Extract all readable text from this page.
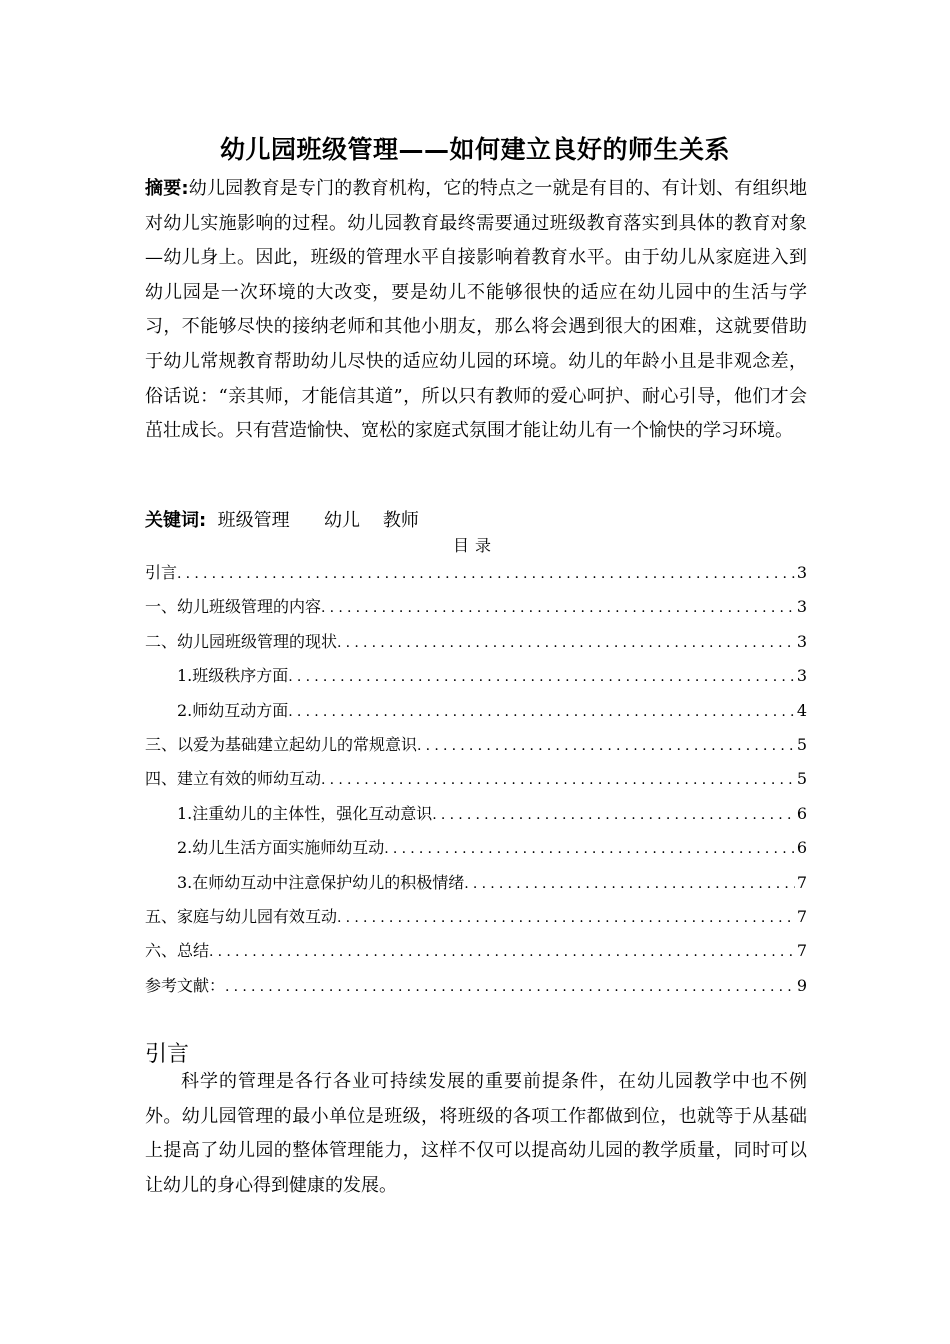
幼儿园班级管理——如何建立良好的师生关系
摘要:幼儿园教育是专门的教育机构，它的特点之一就是有目的、有计划、有组织地对幼儿实施影响的过程。幼儿园教育最终需要通过班级教育落实到具体的教育对象—幼儿身上。因此，班级的管理水平自接影响着教育水平。由于幼儿从家庭进入到幼儿园是一次环境的大改变，要是幼儿不能够很快的适应在幼儿园中的生活与学习，不能够尽快的接纳老师和其他小朋友，那么将会遇到很大的困难，这就要借助于幼儿常规教育帮助幼儿尽快的适应幼儿园的环境。幼儿的年龄小且是非观念差，俗话说：“亲其师，才能信其道”，所以只有教师的爱心呵护、耐心引导，他们才会茁壮成长。只有营造愉快、宽松的家庭式氛围才能让幼儿有一个愉快的学习环境。
关键词:  班级管理      幼儿    教师
目录
引言 .....	3
一、幼儿班级管理的内容 .....	3
二、幼儿园班级管理的现状 .....	3
1.班级秩序方面 .....	3
2.师幼互动方面 .....	4
三、以爱为基础建立起幼儿的常规意识 .....	5
四、建立有效的师幼互动 .....	5
1.注重幼儿的主体性，强化互动意识 .....	6
2.幼儿生活方面实施师幼互动 .....	6
3.在师幼互动中注意保护幼儿的积极情绪 .....	7
五、家庭与幼儿园有效互动 .....	7
六、总结 .....	7
参考文献： .....	9
引言
科学的管理是各行各业可持续发展的重要前提条件，在幼儿园教学中也不例外。幼儿园管理的最小单位是班级，将班级的各项工作都做到位，也就等于从基础上提高了幼儿园的整体管理能力，这样不仅可以提高幼儿园的教学质量，同时可以让幼儿的身心得到健康的发展。
